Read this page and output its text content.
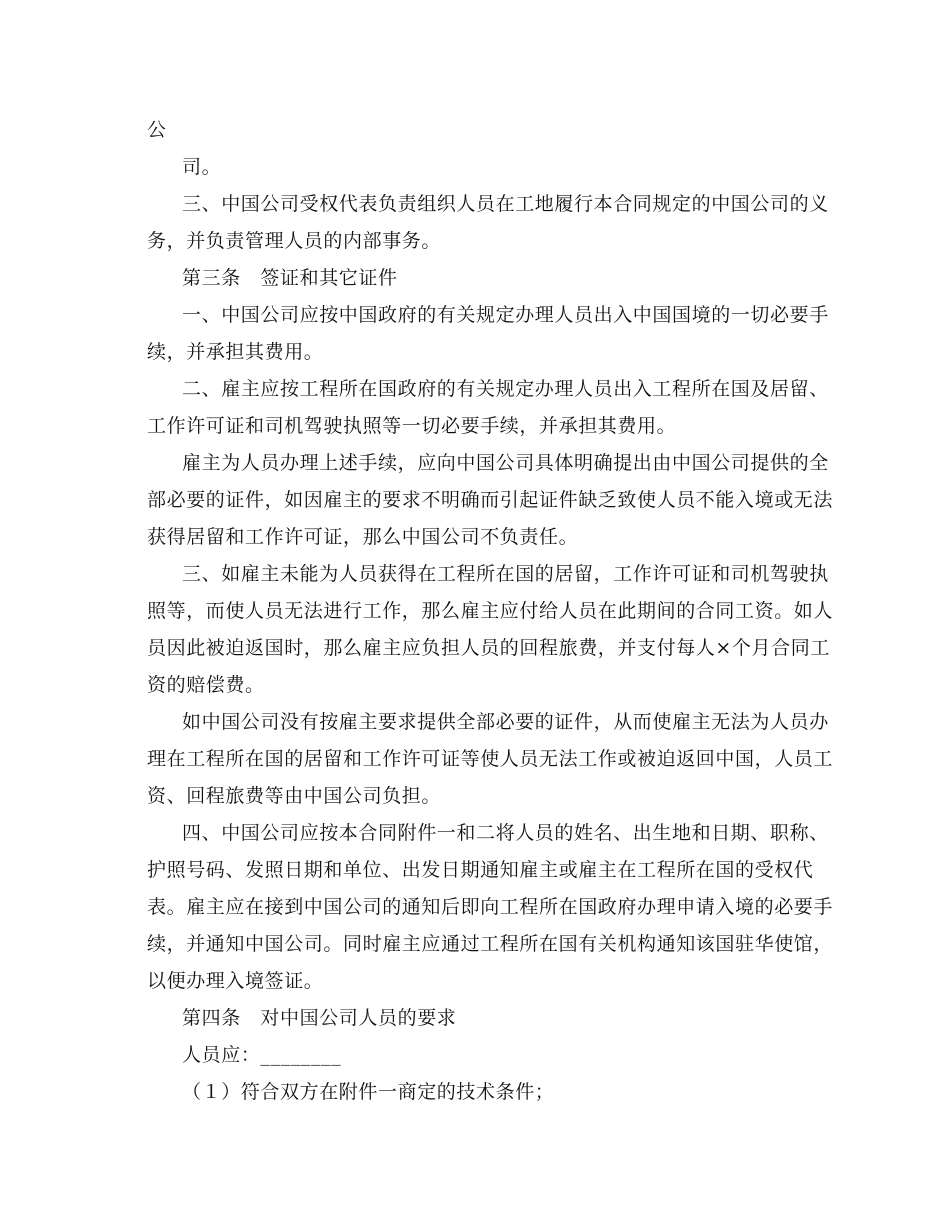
公
司。
三、中国公司受权代表负责组织人员在工地履行本合同规定的中国公司的义
务，并负责管理人员的内部事务。
第三条　签证和其它证件
一、中国公司应按中国政府的有关规定办理人员出入中国国境的一切必要手
续，并承担其费用。
二、雇主应按工程所在国政府的有关规定办理人员出入工程所在国及居留、
工作许可证和司机驾驶执照等一切必要手续，并承担其费用。
雇主为人员办理上述手续，应向中国公司具体明确提出由中国公司提供的全
部必要的证件，如因雇主的要求不明确而引起证件缺乏致使人员不能入境或无法
获得居留和工作许可证，那么中国公司不负责任。
三、如雇主未能为人员获得在工程所在国的居留，工作许可证和司机驾驶执
照等，而使人员无法进行工作，那么雇主应付给人员在此期间的合同工资。如人
员因此被迫返国时，那么雇主应负担人员的回程旅费，并支付每人×个月合同工
资的赔偿费。
如中国公司没有按雇主要求提供全部必要的证件，从而使雇主无法为人员办
理在工程所在国的居留和工作许可证等使人员无法工作或被迫返回中国，人员工
资、回程旅费等由中国公司负担。
四、中国公司应按本合同附件一和二将人员的姓名、出生地和日期、职称、
护照号码、发照日期和单位、出发日期通知雇主或雇主在工程所在国的受权代
表。雇主应在接到中国公司的通知后即向工程所在国政府办理申请入境的必要手
续，并通知中国公司。同时雇主应通过工程所在国有关机构通知该国驻华使馆，
以便办理入境签证。
第四条　对中国公司人员的要求
人员应：________
（１）符合双方在附件一商定的技术条件；
